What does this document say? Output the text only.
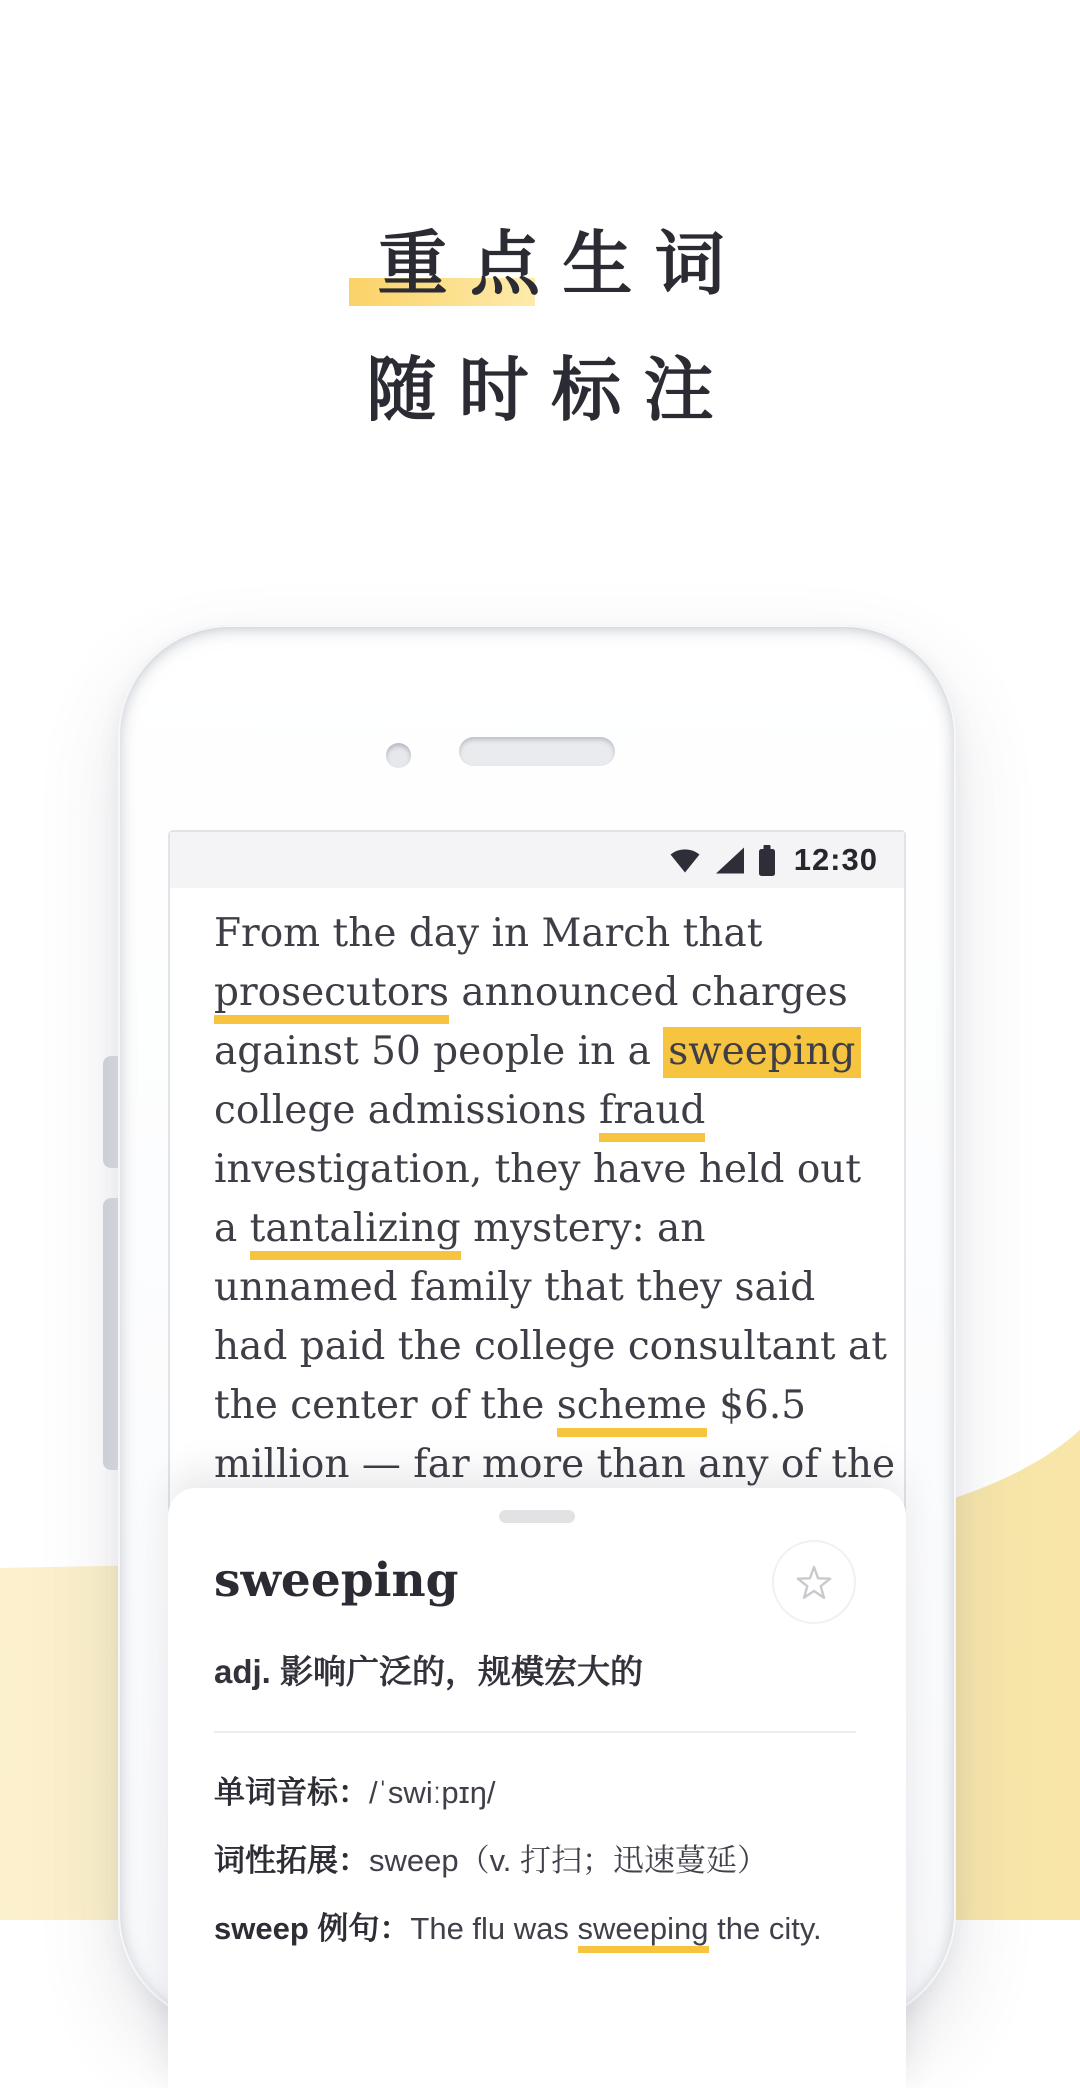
重点生词
随时标注
12:30
From the day in March that
prosecutors announced charges
against 50 people in a sweeping
college admissions fraud
investigation, they have held out
a tantalizing mystery: an
unnamed family that they said
had paid the college consultant at
the center of the scheme $6.5
million — far more than any of the
sweeping
adj. 影响广泛的，规模宏大的
单词音标：/ˈswiːpɪŋ/
词性拓展：sweep（v. 打扫；迅速蔓延）
sweep 例句：The flu was sweeping the city.
